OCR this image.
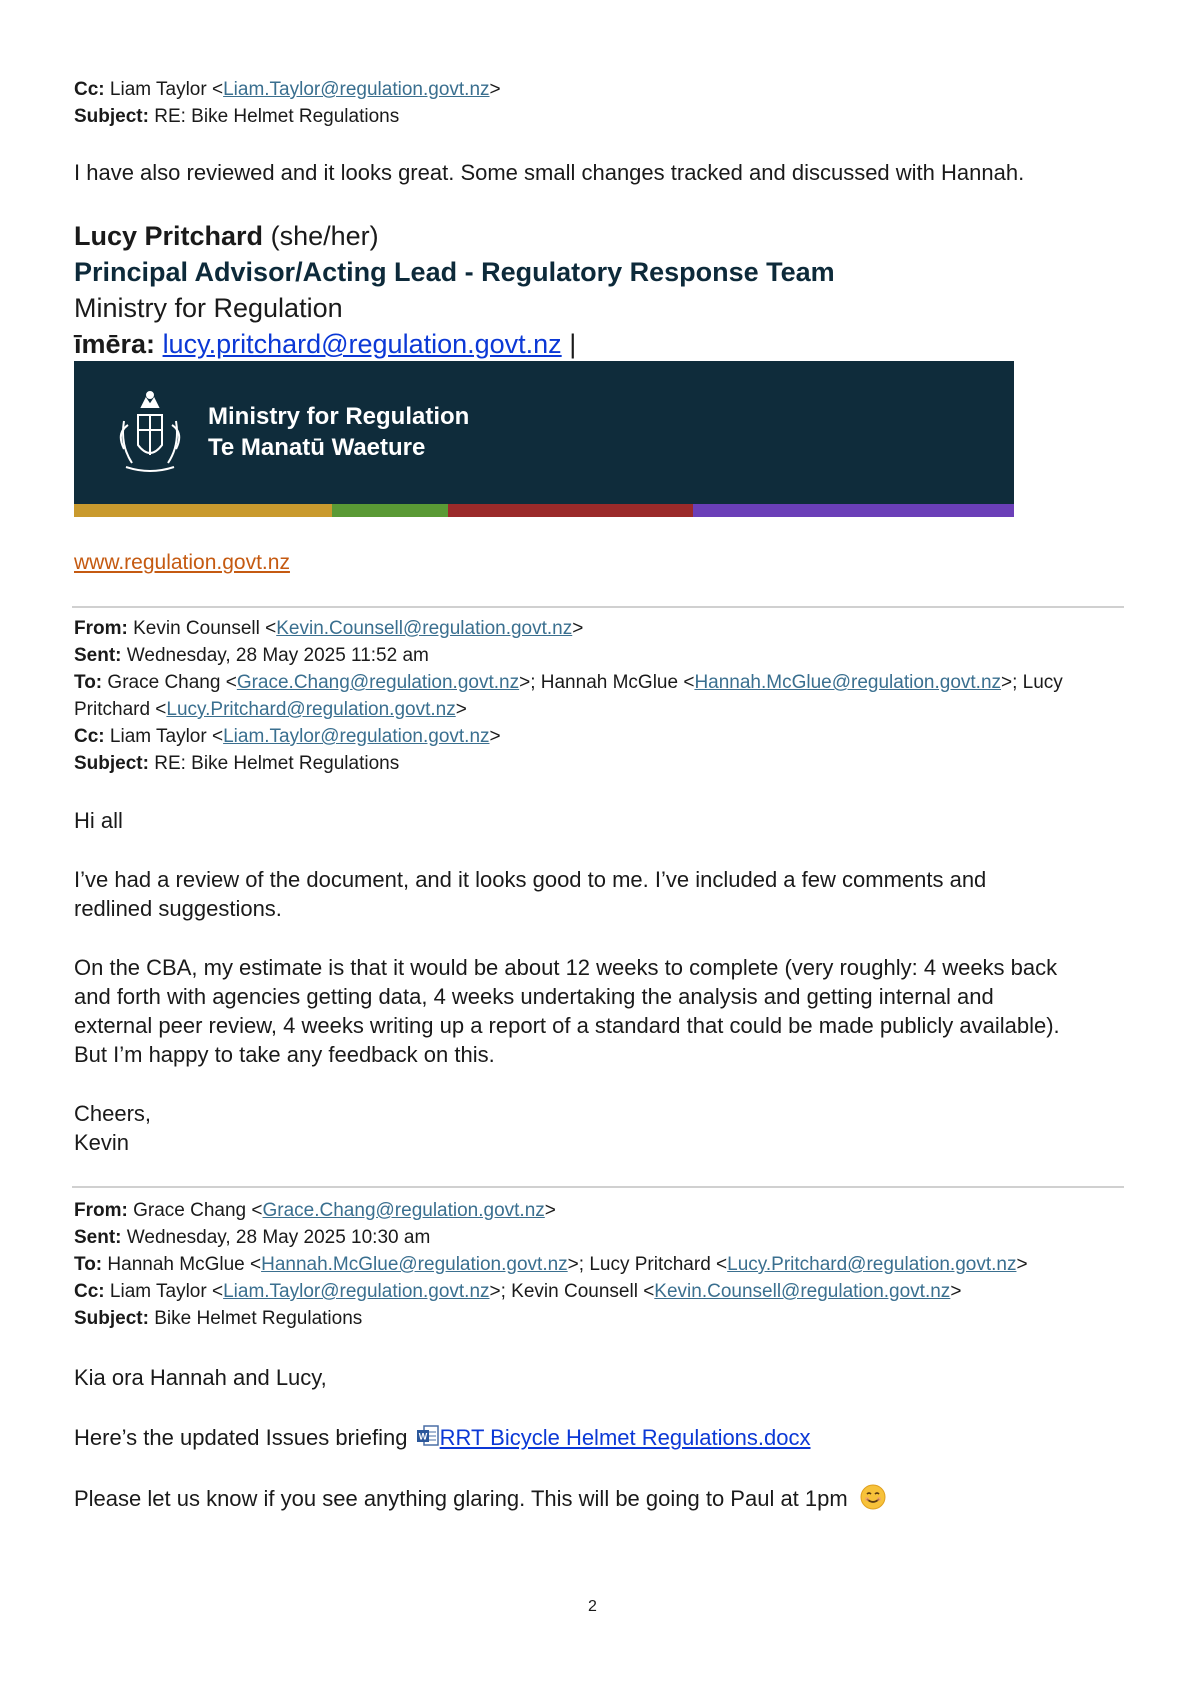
Cc: Liam Taylor <Liam.Taylor@regulation.govt.nz>
Subject: RE: Bike Helmet Regulations

I have also reviewed and it looks great. Some small changes tracked and discussed with Hannah.

Lucy Pritchard (she/her)
Principal Advisor/Acting Lead - Regulatory Response Team
Ministry for Regulation
īmēra: lucy.pritchard@regulation.govt.nz |
Ministry for Regulation
Te Manatū Waeture
www.regulation.govt.nz
From: Kevin Counsell <Kevin.Counsell@regulation.govt.nz>
Sent: Wednesday, 28 May 2025 11:52 am
To: Grace Chang <Grace.Chang@regulation.govt.nz>; Hannah McGlue <Hannah.McGlue@regulation.govt.nz>; Lucy
Pritchard <Lucy.Pritchard@regulation.govt.nz>
Cc: Liam Taylor <Liam.Taylor@regulation.govt.nz>
Subject: RE: Bike Helmet Regulations

Hi all

I’ve had a review of the document, and it looks good to me. I’ve included a few comments and

redlined suggestions.

On the CBA, my estimate is that it would be about 12 weeks to complete (very roughly: 4 weeks back

and forth with agencies getting data, 4 weeks undertaking the analysis and getting internal and

external peer review, 4 weeks writing up a report of a standard that could be made publicly available).

But I’m happy to take any feedback on this.

Cheers,

Kevin

From: Grace Chang <Grace.Chang@regulation.govt.nz>
Sent: Wednesday, 28 May 2025 10:30 am
To: Hannah McGlue <Hannah.McGlue@regulation.govt.nz>; Lucy Pritchard <Lucy.Pritchard@regulation.govt.nz>
Cc: Liam Taylor <Liam.Taylor@regulation.govt.nz>; Kevin Counsell <Kevin.Counsell@regulation.govt.nz>
Subject: Bike Helmet Regulations

Kia ora Hannah and Lucy,

Here’s the updated Issues briefing W RRT Bicycle Helmet Regulations.docx

Please let us know if you see anything glaring. This will be going to Paul at 1pm

2
